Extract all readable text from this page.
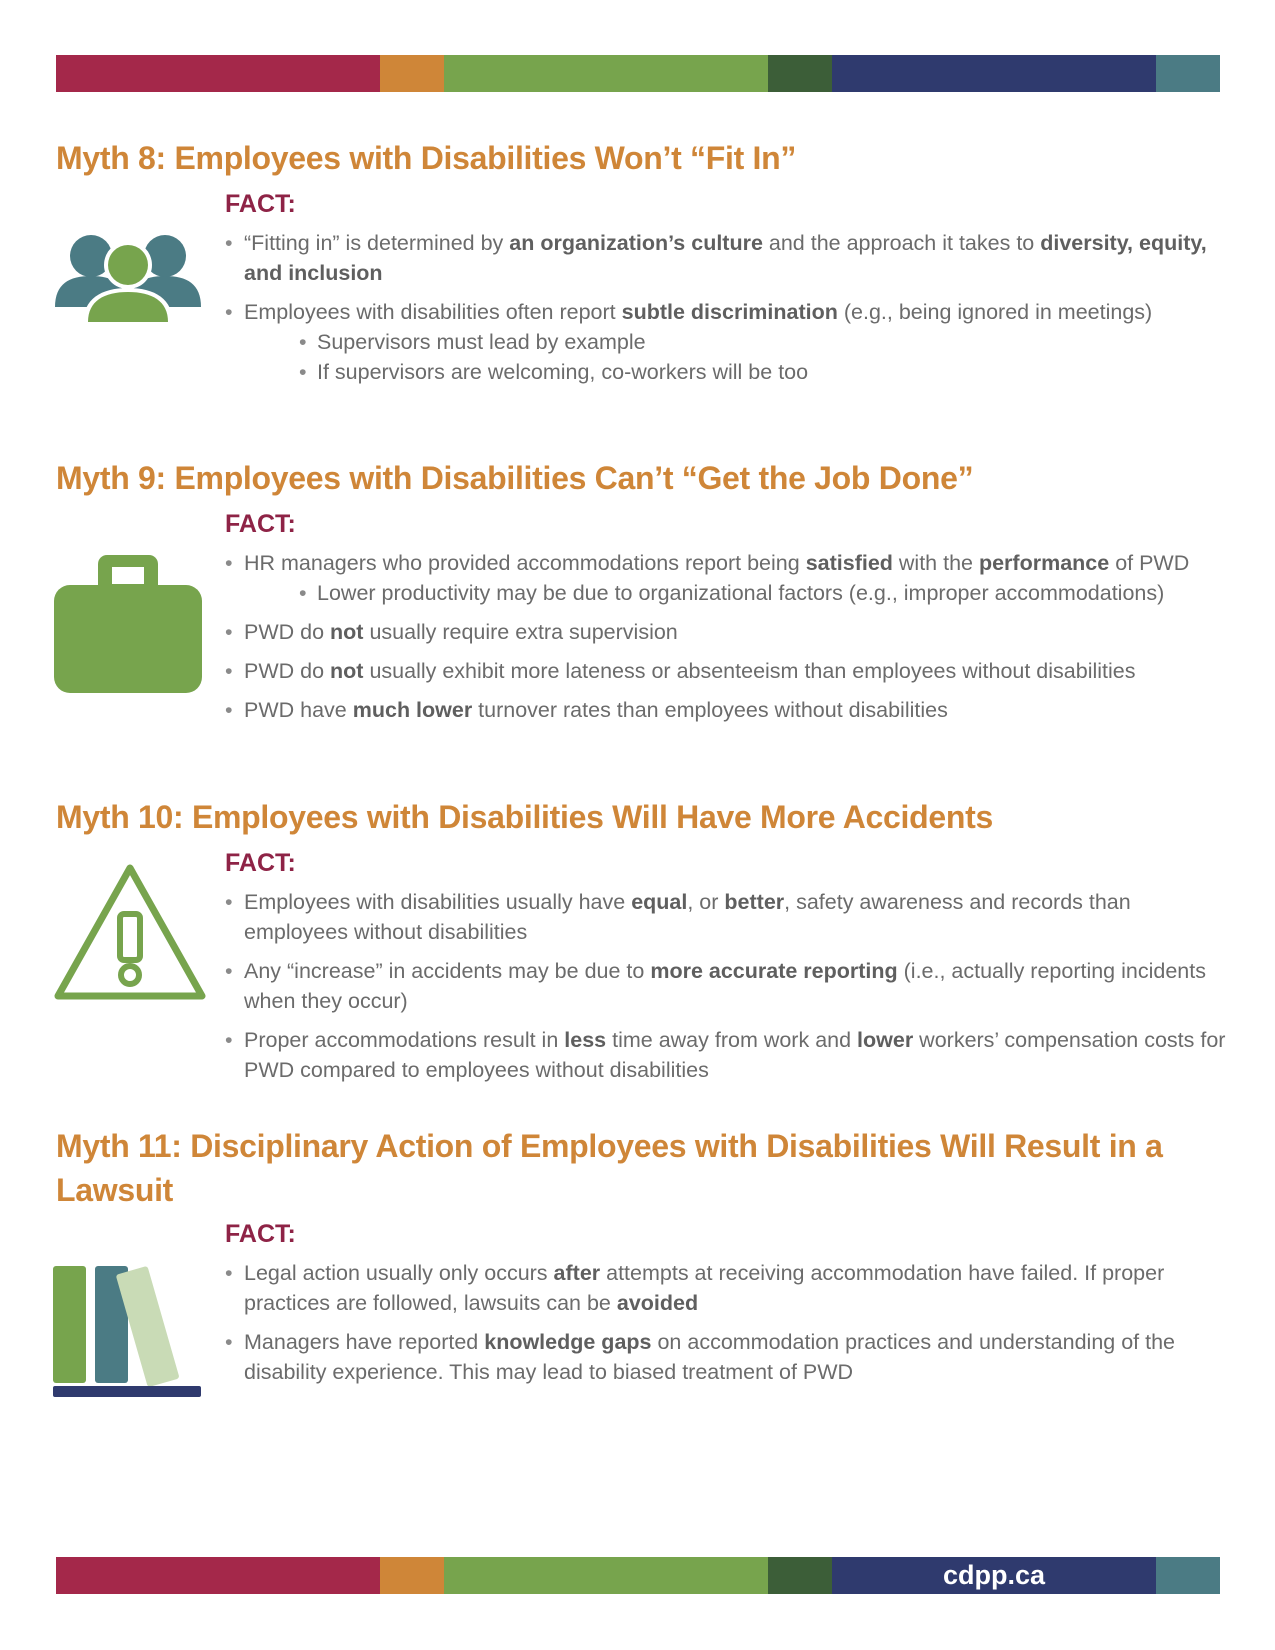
Myth 8: Employees with Disabilities Won’t “Fit In”
FACT:
• “Fitting in” is determined by an organization’s culture and the approach it takes to diversity, equity, and inclusion
• Employees with disabilities often report subtle discrimination (e.g., being ignored in meetings)
• Supervisors must lead by example
• If supervisors are welcoming, co-workers will be too
Myth 9: Employees with Disabilities Can’t “Get the Job Done”
FACT:
• HR managers who provided accommodations report being satisfied with the performance of PWD
• Lower productivity may be due to organizational factors (e.g., improper accommodations)
• PWD do not usually require extra supervision
• PWD do not usually exhibit more lateness or absenteeism than employees without disabilities
• PWD have much lower turnover rates than employees without disabilities
Myth 10: Employees with Disabilities Will Have More Accidents
FACT:
• Employees with disabilities usually have equal, or better, safety awareness and records than employees without disabilities
• Any “increase” in accidents may be due to more accurate reporting (i.e., actually reporting incidents when they occur)
• Proper accommodations result in less time away from work and lower workers’ compensation costs for PWD compared to employees without disabilities
Myth 11: Disciplinary Action of Employees with Disabilities Will Result in a Lawsuit
FACT:
• Legal action usually only occurs after attempts at receiving accommodation have failed. If proper practices are followed, lawsuits can be avoided
• Managers have reported knowledge gaps on accommodation practices and understanding of the disability experience. This may lead to biased treatment of PWD
cdpp.ca
